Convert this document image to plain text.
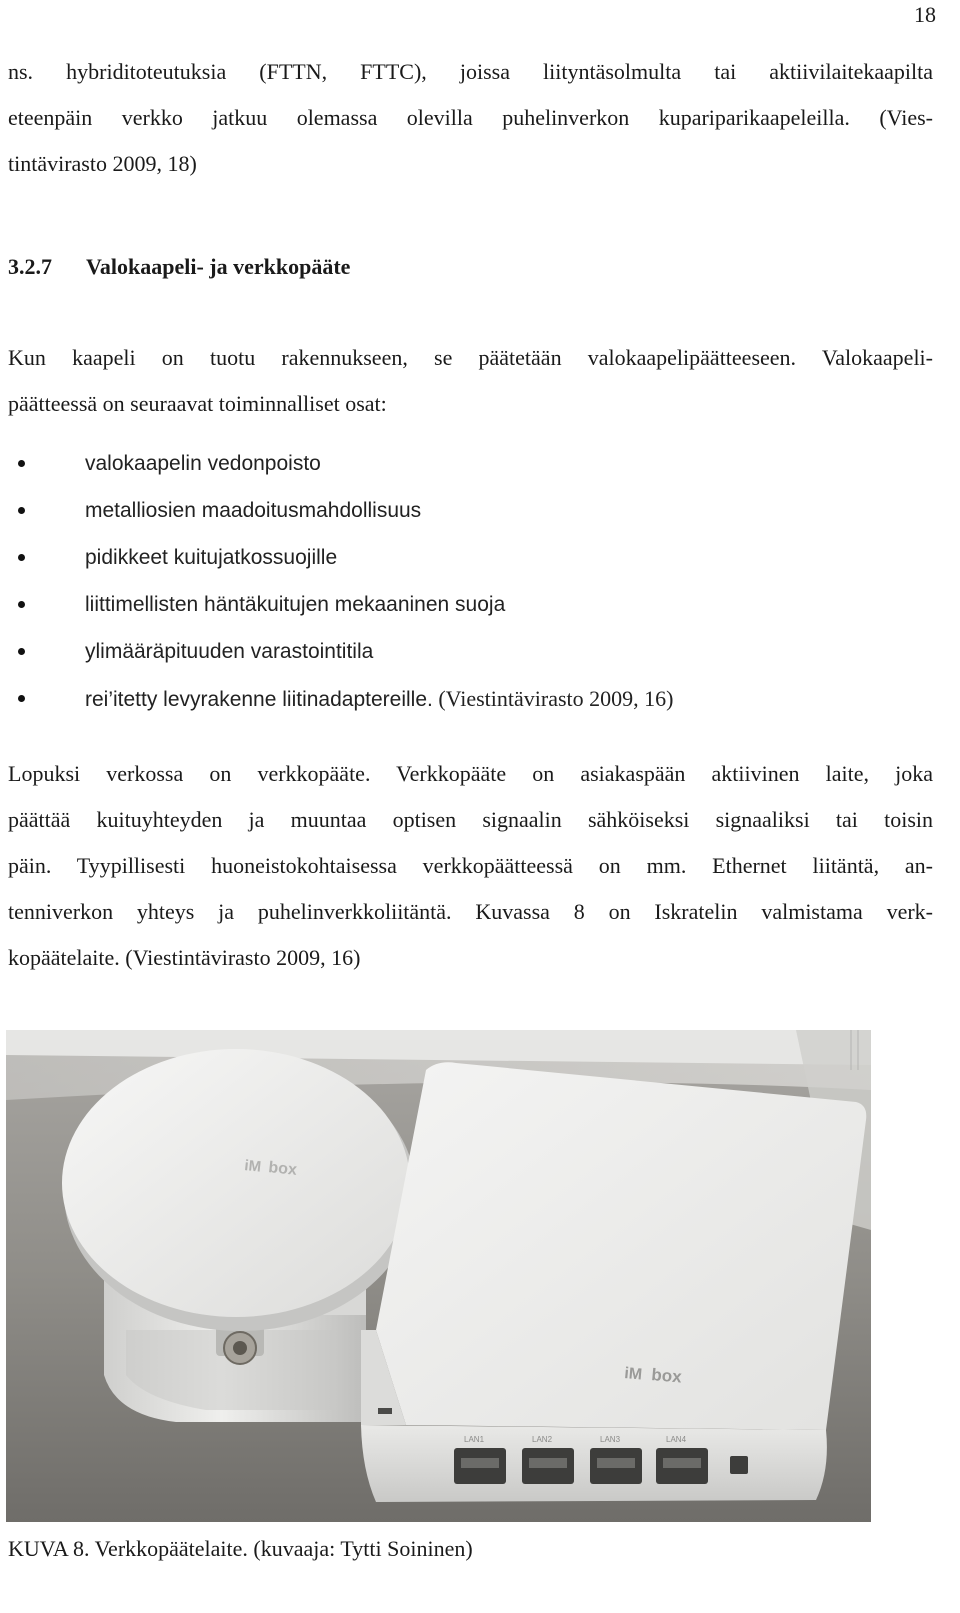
18
ns. hybriditoteutuksia (FTTN, FTTC), joissa liityntäsolmulta tai aktiivilaitekaapilta
eteenpäin verkko jatkuu olemassa olevilla puhelinverkon kupariparikaapeleilla. (Vies-
tintävirasto 2009, 18)
3.2.7 Valokaapeli- ja verkkopääte
Kun kaapeli on tuotu rakennukseen, se päätetään valokaapelipäätteeseen. Valokaapeli-
päätteessä on seuraavat toiminnalliset osat:
valokaapelin vedonpoisto
metalliosien maadoitusmahdollisuus
pidikkeet kuitujatkossuojille
liittimellisten häntäkuitujen mekaaninen suoja
ylimääräpituuden varastointitila
rei’itetty levyrakenne liitinadaptereille. (Viestintävirasto 2009, 16)
Lopuksi verkossa on verkkopääte. Verkkopääte on asiakaspään aktiivinen laite, joka
päättää kuituyhteyden ja muuntaa optisen signaalin sähköiseksi signaaliksi tai toisin
päin. Tyypillisesti huoneistokohtaisessa verkkopäätteessä on mm. Ethernet liitäntä, an-
tenniverkon yhteys ja puhelinverkkoliitäntä. Kuvassa 8 on Iskratelin valmistama verk-
kopäätelaite. (Viestintävirasto 2009, 16)
iM box
iM box
LAN1	LAN2	LAN3	LAN4
KUVA 8. Verkkopäätelaite. (kuvaaja: Tytti Soininen)
